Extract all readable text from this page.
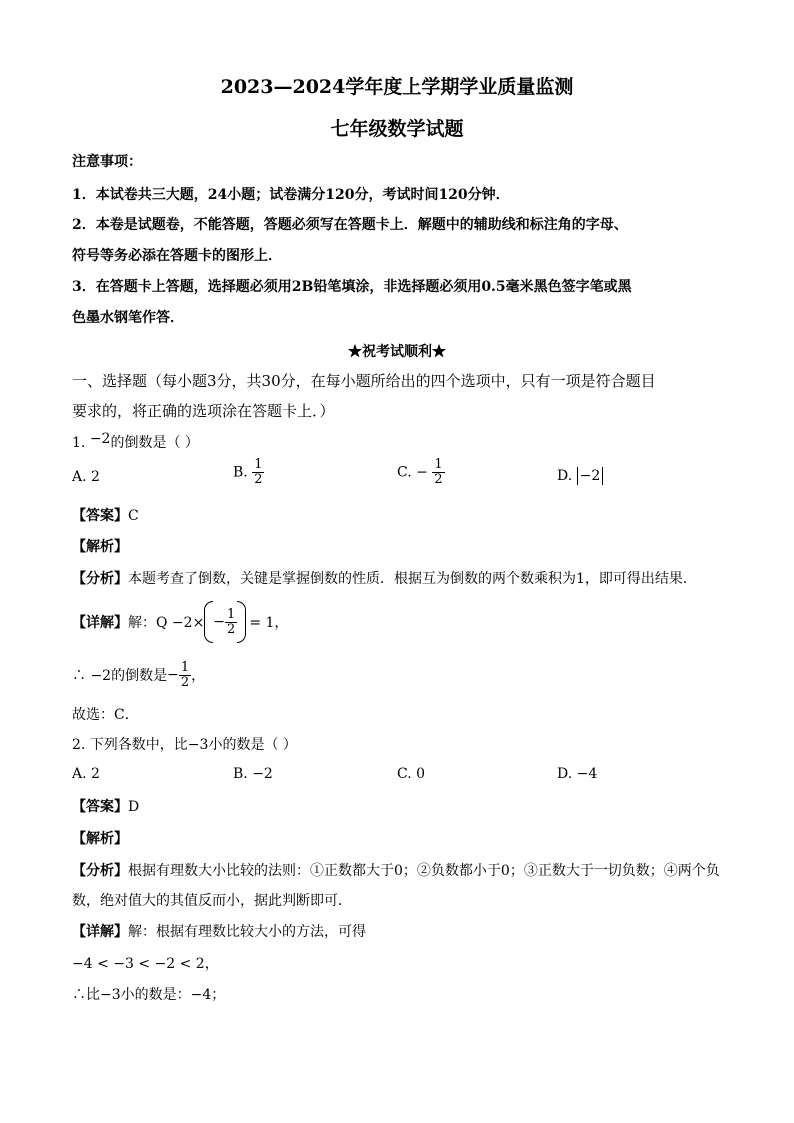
2023—2024学年度上学期学业质量监测
七年级数学试题
注意事项：
1．本试卷共三大题，24小题；试卷满分120分，考试时间120分钟．
2．本卷是试题卷，不能答题，答题必须写在答题卡上．解题中的辅助线和标注角的字母、
符号等务必添在答题卡的图形上．
3．在答题卡上答题，选择题必须用2B铅笔填涂，非选择题必须用0.5毫米黑色签字笔或黑
色墨水钢笔作答．
★祝考试顺利★
一、选择题（每小题3分，共30分，在每小题所给出的四个选项中，只有一项是符合题目
要求的，将正确的选项涂在答题卡上．）
1. −2的倒数是（ ）
A. 2	B. $\frac{1}{2}$	C. − $\frac{1}{2}$	D. −2
【答案】C
【解析】
【分析】本题考查了倒数，关键是掌握倒数的性质．根据互为倒数的两个数乘积为1，即可得出结果．
【详解】 解：$Q -2\times - \frac{1}{2} = 1$，
∴ −2的倒数是 − $\frac{1}{2}$ ，
故选：C．
2. 下列各数中，比−3小的数是（ ）
A. 2	B. −2	C. 0	D. −4
【答案】D
【解析】
【分析】根据有理数大小比较的法则：①正数都大于0；②负数都小于0；③正数大于一切负数；④两个负
数，绝对值大的其值反而小，据此判断即可．
【详解】解：根据有理数比较大小的方法，可得
−4 < −3 < −2 < 2，
∴比−3小的数是：−4；
